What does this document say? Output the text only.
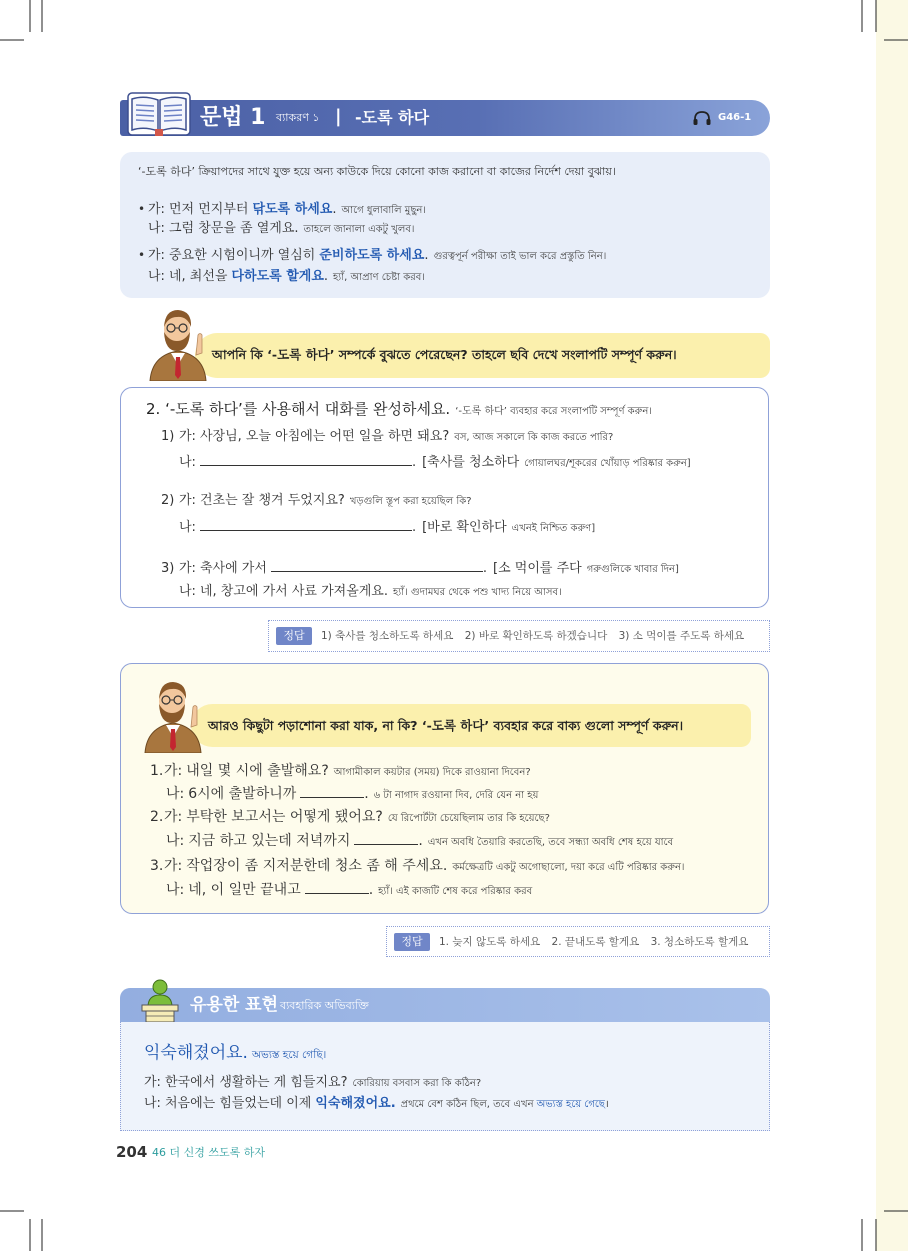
문법 1 ব্যাকরণ ১ | -도록 하다	G46-1
‘-도록 하다’ ক্রিয়াপদের সাথে যুক্ত হয়ে অন্য কাউকে দিয়ে কোনো কাজ করানো বা কাজের নির্দেশ দেয়া বুঝায়।
• 가: 먼저 먼지부터 닦도록 하세요 . আগে ধুলাবালি মুছুন।
나: 그럼 창문을 좀 열게요. তাহলে জানালা একটু খুলব।
• 가: 중요한 시험이니까 열심히 준비하도록 하세요 . গুরত্বপূর্ন পরীক্ষা তাই ভাল করে প্রস্তুতি নিন।
나: 네, 최선을 다하도록 할게요 . হ্যাঁ, আপ্রাণ চেষ্টা করব।
আপনি কি ‘-도록 하다’ সম্পর্কে বুঝতে পেরেছেন? তাহলে ছবি দেখে সংলাপটি সম্পূর্ণ করুন।
2. ‘-도록 하다’를 사용해서 대화를 완성하세요. ‘-도록 하다’ ব্যবহার করে সংলাপটি সম্পূর্ণ করুন।
1) 가: 사장님, 오늘 아침에는 어떤 일을 하면 돼요? বস, আজ সকালে কি কাজ করতে পারি?
나:	. [축사를 청소하다 গোয়ালঘর/শূকরের খোঁয়াড় পরিষ্কার করুন]
2) 가: 건초는 잘 챙겨 두었지요? খড়গুলি স্তূপ করা হয়েছিল কি?
나:	. [바로 확인하다 এখনই নিশ্চিত করুণ]
3) 가: 축사에 가서	. [소 먹이를 주다 গরুগুলিকে খাবার দিন]
나: 네, 창고에 가서 사료 가져올게요. হ্যাঁ। গুদামঘর থেকে পশু খাদ্য নিয়ে আসব।
정답	1) 축사를 청소하도록 하세요 2) 바로 확인하도록 하겠습니다 3) 소 먹이를 주도록 하세요
আরও কিছুটা পড়াশোনা করা যাক, না কি? ‘-도록 하다’ ব্যবহার করে বাক্য গুলো সম্পূর্ণ করুন।
1. 가: 내일 몇 시에 출발해요? আগামীকাল কয়টার (সময়) দিকে রাওয়ানা দিবেন?
나: 6시에 출발하니까	. ৬ টা নাগাদ রওয়ানা দিব, দেরি যেন না হয়
2. 가: 부탁한 보고서는 어떻게 됐어요? যে রিপোর্টটা চেয়েছিলাম তার কি হয়েছে?
나: 지금 하고 있는데 저녁까지	. এখন অবধি তৈয়ারি করতেছি, তবে সন্ধ্যা অবধি শেষ হয়ে যাবে
3. 가: 작업장이 좀 지저분한데 청소 좀 해 주세요. কর্মক্ষেত্রটি একটু অগোছালো, দয়া করে এটি পরিষ্কার করুন।
나: 네, 이 일만 끝내고	. হ্যাঁ। এই কাজটি শেষ করে পরিষ্কার করব
정답	1. 늦지 않도록 하세요 2. 끝내도록 할게요 3. 청소하도록 할게요
유용한 표현 ব্যবহারিক অভিব্যক্তি
익숙해졌어요. অভ্যস্ত হয়ে গেছি।
가: 한국에서 생활하는 게 힘들지요? কোরিয়ায় বসবাস করা কি কঠিন?
나: 처음에는 힘들었는데 이제 익숙해졌어요. প্রথমে বেশ কঠিন ছিল, তবে এখন অভ্যস্ত হয়ে গেছে ।
204 46 더 신경 쓰도록 하자
